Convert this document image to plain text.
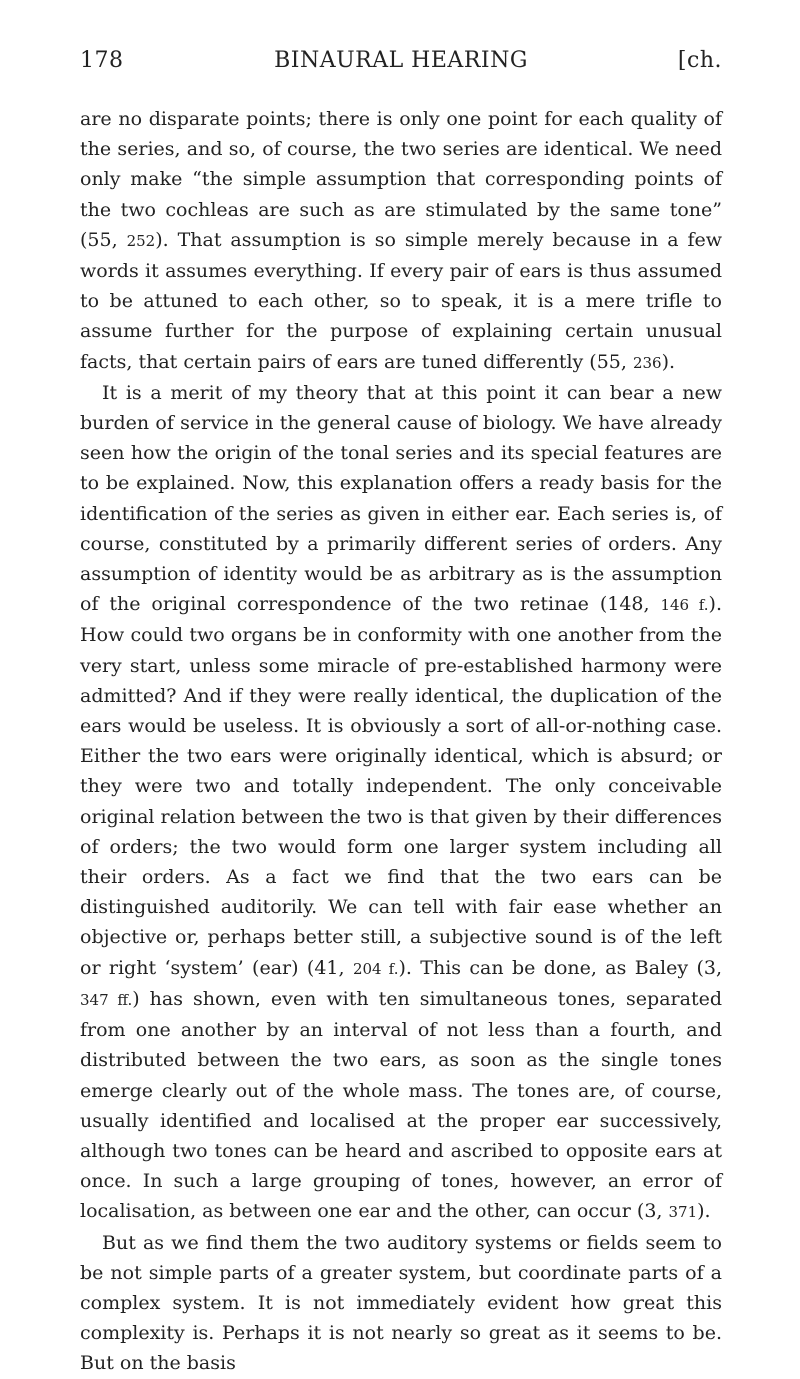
178	BINAURAL HEARING	[ch.

are no disparate points; there is only one point for each quality of the series, and so, of course, the two series are identical. We need only make “the simple assumption that corresponding points of the two cochleas are such as are stimulated by the same tone” (55, 252). That assumption is so simple merely because in a few words it assumes everything. If every pair of ears is thus assumed to be attuned to each other, so to speak, it is a mere trifle to assume further for the purpose of explaining certain unusual facts, that certain pairs of ears are tuned differently (55, 236).

It is a merit of my theory that at this point it can bear a new burden of service in the general cause of biology. We have already seen how the origin of the tonal series and its special features are to be explained. Now, this explanation offers a ready basis for the identification of the series as given in either ear. Each series is, of course, constituted by a primarily different series of orders. Any assumption of identity would be as arbitrary as is the assumption of the original correspondence of the two retinae (148, 146 f.). How could two organs be in conformity with one another from the very start, unless some miracle of pre-established harmony were admitted? And if they were really identical, the duplication of the ears would be useless. It is obviously a sort of all-or-nothing case. Either the two ears were originally identical, which is absurd; or they were two and totally independent. The only conceivable original relation between the two is that given by their differences of orders; the two would form one larger system including all their orders. As a fact we find that the two ears can be distinguished auditorily. We can tell with fair ease whether an objective or, perhaps better still, a subjective sound is of the left or right ‘system’ (ear) (41, 204 f.). This can be done, as Baley (3, 347 ff.) has shown, even with ten simultaneous tones, separated from one another by an interval of not less than a fourth, and distributed between the two ears, as soon as the single tones emerge clearly out of the whole mass. The tones are, of course, usually identified and localised at the proper ear successively, although two tones can be heard and ascribed to opposite ears at once. In such a large grouping of tones, however, an error of localisation, as between one ear and the other, can occur (3, 371).

But as we find them the two auditory systems or fields seem to be not simple parts of a greater system, but coordinate parts of a complex system. It is not immediately evident how great this complexity is. Perhaps it is not nearly so great as it seems to be. But on the basis
